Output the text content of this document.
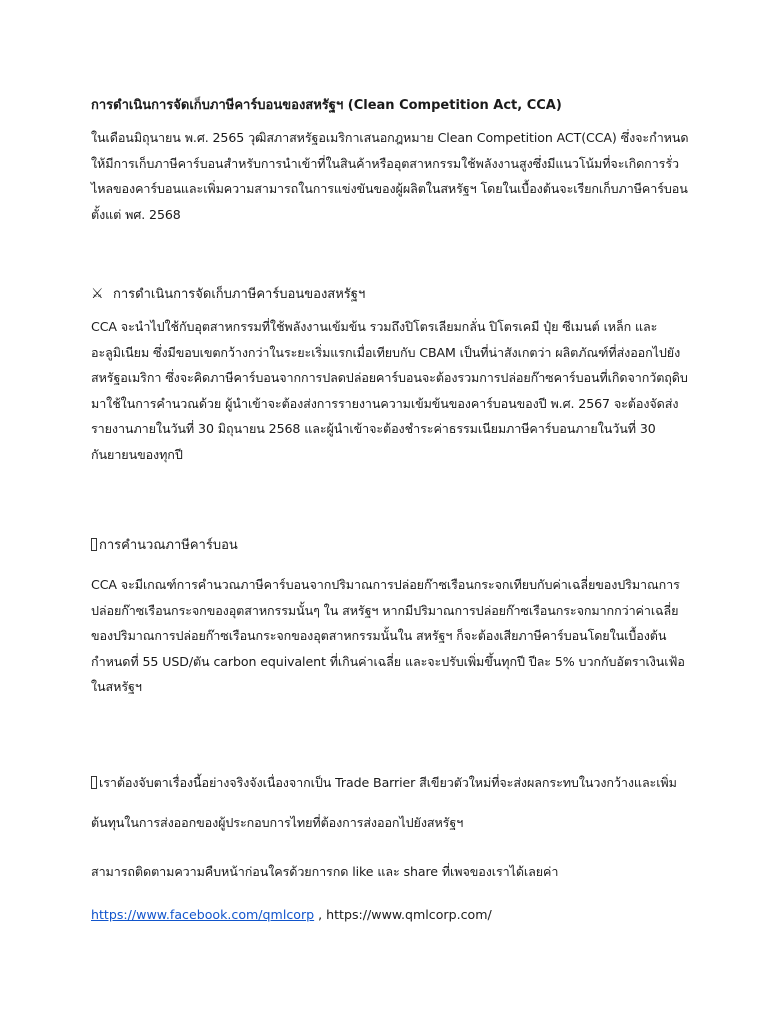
การดำเนินการจัดเก็บภาษีคาร์บอนของสหรัฐฯ (Clean Competition Act, CCA)

ในเดือนมิถุนายน พ.ศ. 2565 วุฒิสภาสหรัฐอเมริกาเสนอกฎหมาย Clean Competition ACT(CCA) ซึ่งจะกำหนดให้มีการเก็บภาษีคาร์บอนสำหรับการนำเข้าที่ในสินค้าหรืออุตสาหกรรมใช้พลังงานสูงซึ่งมีแนวโน้มที่จะเกิดการรั่วไหลของคาร์บอนและเพิ่มความสามารถในการแข่งขันของผู้ผลิตในสหรัฐฯ โดยในเบื้องต้นจะเรียกเก็บภาษีคาร์บอนตั้งแต่ พศ. 2568

⚔ การดำเนินการจัดเก็บภาษีคาร์บอนของสหรัฐฯ

CCA จะนำไปใช้กับอุตสาหกรรมที่ใช้พลังงานเข้มข้น รวมถึงปิโตรเลียมกลั่น ปิโตรเคมี ปุ๋ย ซีเมนต์ เหล็ก และอะลูมิเนียม ซึ่งมีขอบเขตกว้างกว่าในระยะเริ่มแรกเมื่อเทียบกับ CBAM เป็นที่น่าสังเกตว่า ผลิตภัณฑ์ที่ส่งออกไปยังสหรัฐอเมริกา ซึ่งจะคิดภาษีคาร์บอนจากการปลดปล่อยคาร์บอนจะต้องรวมการปล่อยก๊าซคาร์บอนที่เกิดจากวัตถุดิบมาใช้ในการคำนวณด้วย ผู้นำเข้าจะต้องส่งการรายงานความเข้มข้นของคาร์บอนของปี พ.ศ. 2567 จะต้องจัดส่งรายงานภายในวันที่ 30 มิถุนายน 2568 และผู้นำเข้าจะต้องชำระค่าธรรมเนียมภาษีคาร์บอนภายในวันที่ 30 กันยายนของทุกปี

การคำนวณภาษีคาร์บอน

CCA จะมีเกณฑ์การคำนวณภาษีคาร์บอนจากปริมาณการปล่อยก๊าซเรือนกระจกเทียบกับค่าเฉลี่ยของปริมาณการปล่อยก๊าซเรือนกระจกของอุตสาหกรรมนั้นๆ ใน สหรัฐฯ หากมีปริมาณการปล่อยก๊าซเรือนกระจกมากกว่าค่าเฉลี่ยของปริมาณการปล่อยก๊าซเรือนกระจกของอุตสาหกรรมนั้นใน สหรัฐฯ ก็จะต้องเสียภาษีคาร์บอนโดยในเบื้องต้น กำหนดที่ 55 USD/ตัน carbon equivalent ที่เกินค่าเฉลี่ย และจะปรับเพิ่มขึ้นทุกปี ปีละ 5% บวกกับอัตราเงินเฟ้อในสหรัฐฯ

เราต้องจับตาเรื่องนี้อย่างจริงจังเนื่องจากเป็น Trade Barrier สีเขียวตัวใหม่ที่จะส่งผลกระทบในวงกว้างและเพิ่มต้นทุนในการส่งออกของผู้ประกอบการไทยที่ต้องการส่งออกไปยังสหรัฐฯ

สามารถติดตามความคืบหน้าก่อนใครด้วยการกด like และ share ที่เพจของเราได้เลยค่า

https://www.facebook.com/qmlcorp , https://www.qmlcorp.com/
